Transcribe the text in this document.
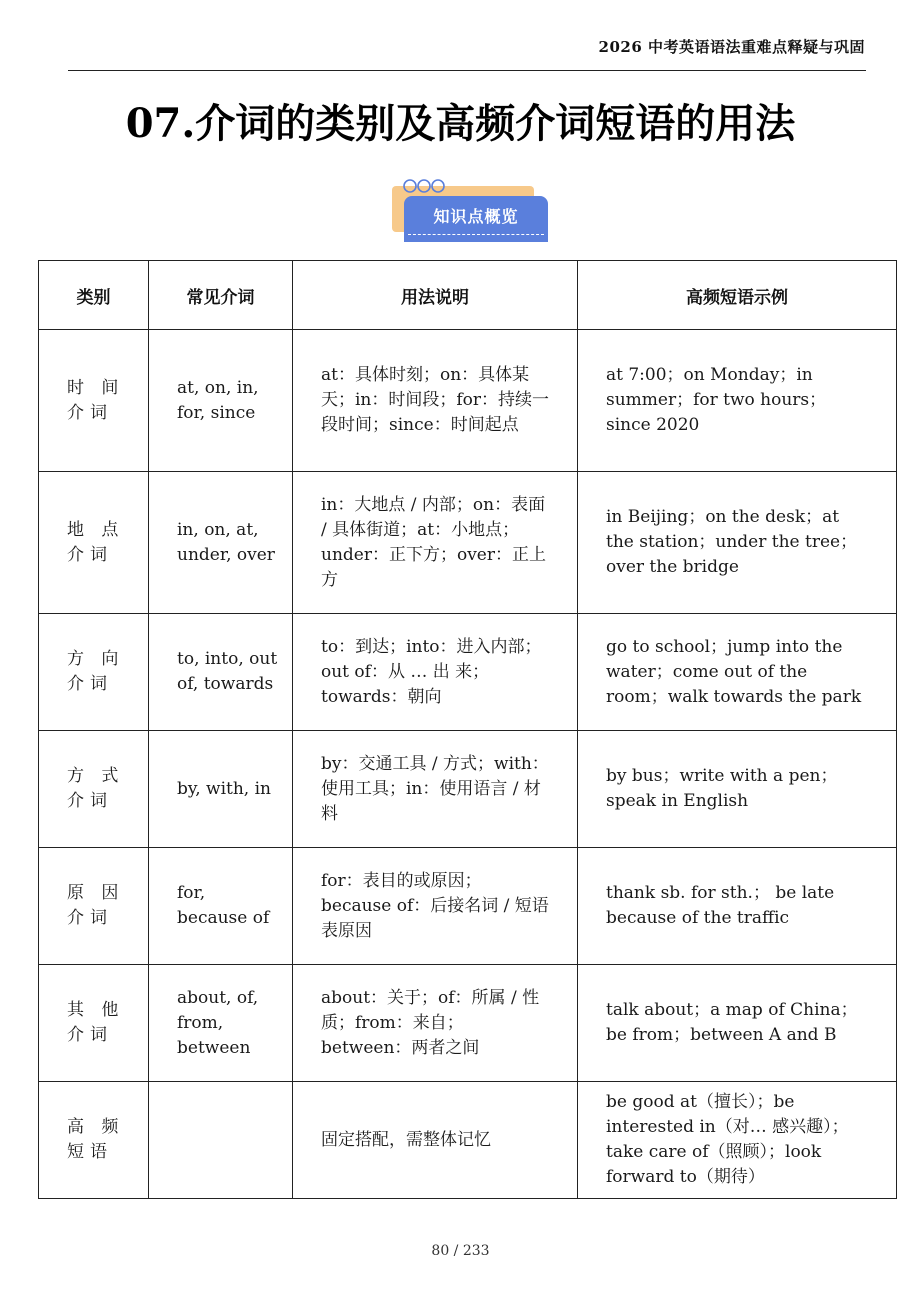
2026 中考英语语法重难点释疑与巩固
07.介词的类别及高频介词短语的用法
知识点概览
类别	常见介词	用法说明	高频短语示例

时 间 介词	at, on, in, for, since	at：具体时刻；on：具体某天；in：时间段；for：持续一段时间；since：时间起点	at 7:00；on Monday；in summer；for two hours；since 2020

地 点 介词	in, on, at, under, over	in：大地点 / 内部；on：表面 / 具体街道；at：小地点；under：正下方；over：正上方	in Beijing；on the desk；at the station；under the tree；over the bridge

方 向 介词	to, into, out of, towards	to：到达；into：进入内部；out of：从 … 出 来；towards：朝向	go to school；jump into the water；come out of the room；walk towards the park

方 式 介词	by, with, in	by：交通工具 / 方式；with：使用工具；in：使用语言 / 材料	by bus；write with a pen；speak in English

原 因 介词	for, because of	for：表目的或原因；because of：后接名词 / 短语表原因	thank sb. for sth.； be late because of the traffic

其 他 介词	about, of, from, between	about：关于；of：所属 / 性质；from：来自；between：两者之间	talk about；a map of China；be from；between A and B

高 频 短语		固定搭配，需整体记忆	be good at（擅长）；be interested in（对… 感兴趣）；take care of（照顾）；look forward to（期待）
80 / 233
